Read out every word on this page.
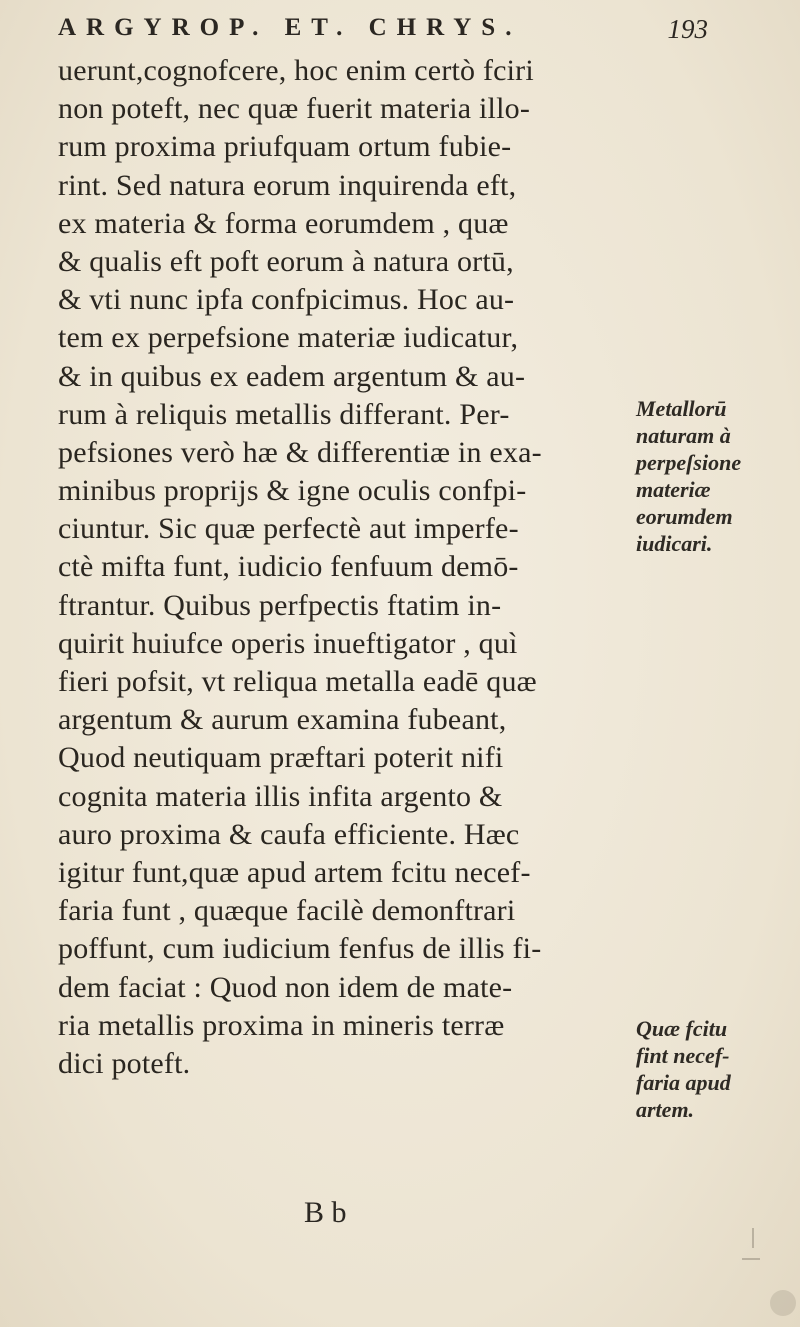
ARGYROP. ET. CHRYS.	193
uerunt,cognofcere, hoc enim certò fciri
non poteft, nec quæ fuerit materia illo-
rum proxima priufquam ortum fubie-
rint. Sed natura eorum inquirenda eft,
ex materia & forma eorumdem , quæ
& qualis eft poft eorum à natura ortū,
& vti nunc ipfa confpicimus. Hoc au-
tem ex perpefsione materiæ iudicatur,
& in quibus ex eadem argentum & au-
rum à reliquis metallis differant. Per-
pefsiones verò hæ & differentiæ in exa-
minibus proprijs & igne oculis confpi-
ciuntur. Sic quæ perfectè aut imperfe-
ctè mifta funt, iudicio fenfuum demō-
ftrantur. Quibus perfpectis ftatim in-
quirit huiufce operis inueftigator , quì
fieri pofsit, vt reliqua metalla eadē quæ
argentum & aurum examina fubeant,
Quod neutiquam præftari poterit nifi
cognita materia illis infita argento &
auro proxima & caufa efficiente. Hæc
igitur funt,quæ apud artem fcitu necef-
faria funt , quæque facilè demonftrari
poffunt, cum iudicium fenfus de illis fi-
dem faciat : Quod non idem de mate-
ria metallis proxima in mineris terræ
dici poteft.
Metallorū
naturam à
perpeſsione
materiæ
eorumdem
iudicari.
Quæ fcitu
fint necef-
faria apud
artem.
B b
